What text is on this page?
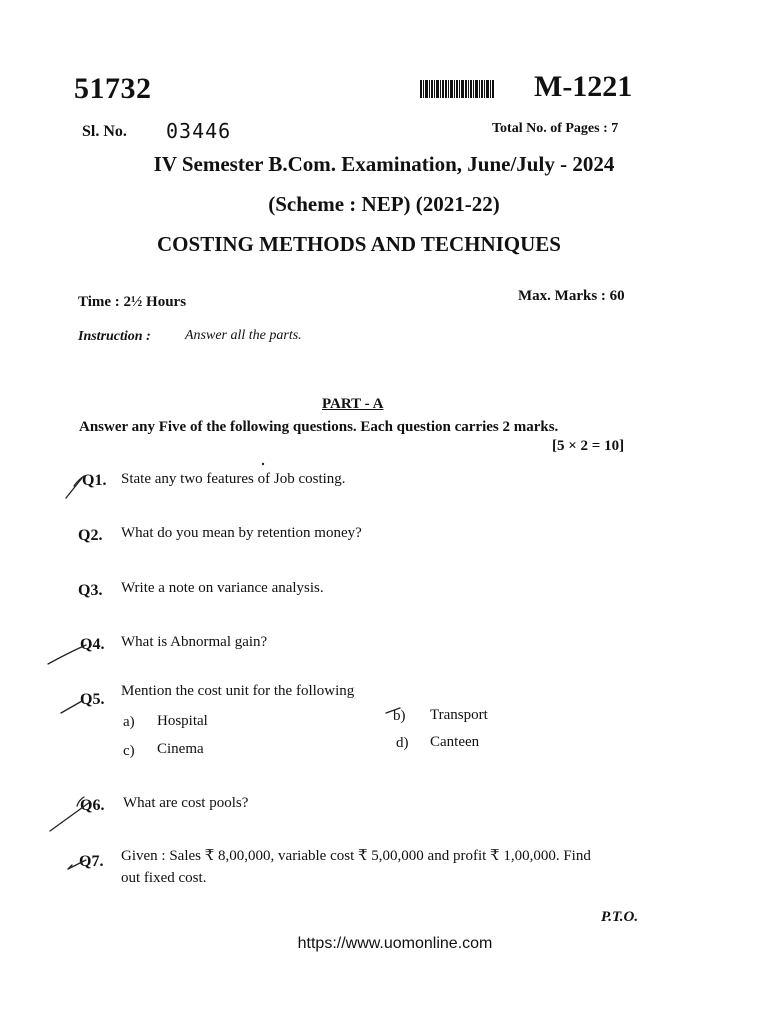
51732	M-1221
Sl. No. 03446	Total No. of Pages : 7
IV Semester B.Com. Examination, June/July - 2024
(Scheme : NEP) (2021-22)
COSTING METHODS AND TECHNIQUES
Time : 2½ Hours	Max. Marks : 60
Instruction : Answer all the parts.
PART - A
Answer any Five of the following questions. Each question carries 2 marks.
[5 × 2 = 10]
Q1. State any two features of Job costing.
Q2. What do you mean by retention money?
Q3. Write a note on variance analysis.
Q4. What is Abnormal gain?
Q5. Mention the cost unit for the following
a) Hospital	b) Transport
c) Cinema	d) Canteen
Q6. What are cost pools?
Q7. Given : Sales ₹ 8,00,000, variable cost ₹ 5,00,000 and profit ₹ 1,00,000. Find
out fixed cost.
P.T.O.
https://www.uomonline.com
